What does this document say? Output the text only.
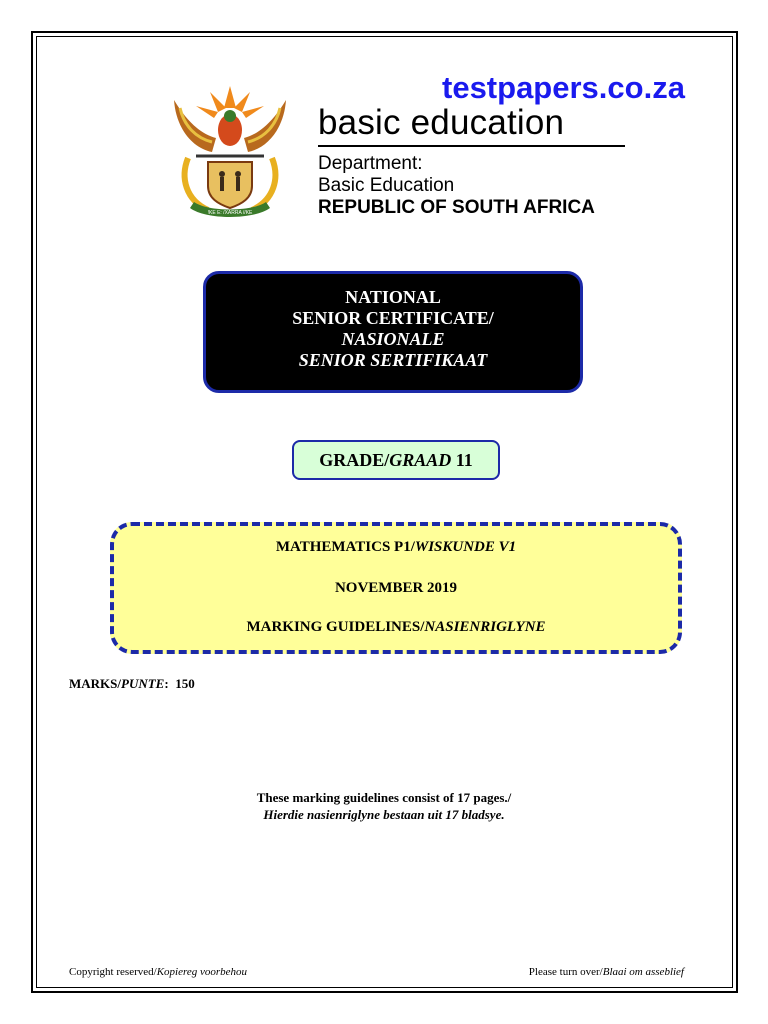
testpapers.co.za
!KE E: /XARRA //KE
basic education
Department:
Basic Education
REPUBLIC OF SOUTH AFRICA
NATIONAL
SENIOR CERTIFICATE/
NASIONALE
SENIOR SERTIFIKAAT
GRADE/GRAAD 11
MATHEMATICS P1/WISKUNDE V1
NOVEMBER 2019
MARKING GUIDELINES/NASIENRIGLYNE
MARKS/PUNTE:  150
These marking guidelines consist of 17 pages./
Hierdie nasienriglyne bestaan uit 17 bladsye.
Copyright reserved/Kopiereg voorbehou	Please turn over/Blaai om asseblief
